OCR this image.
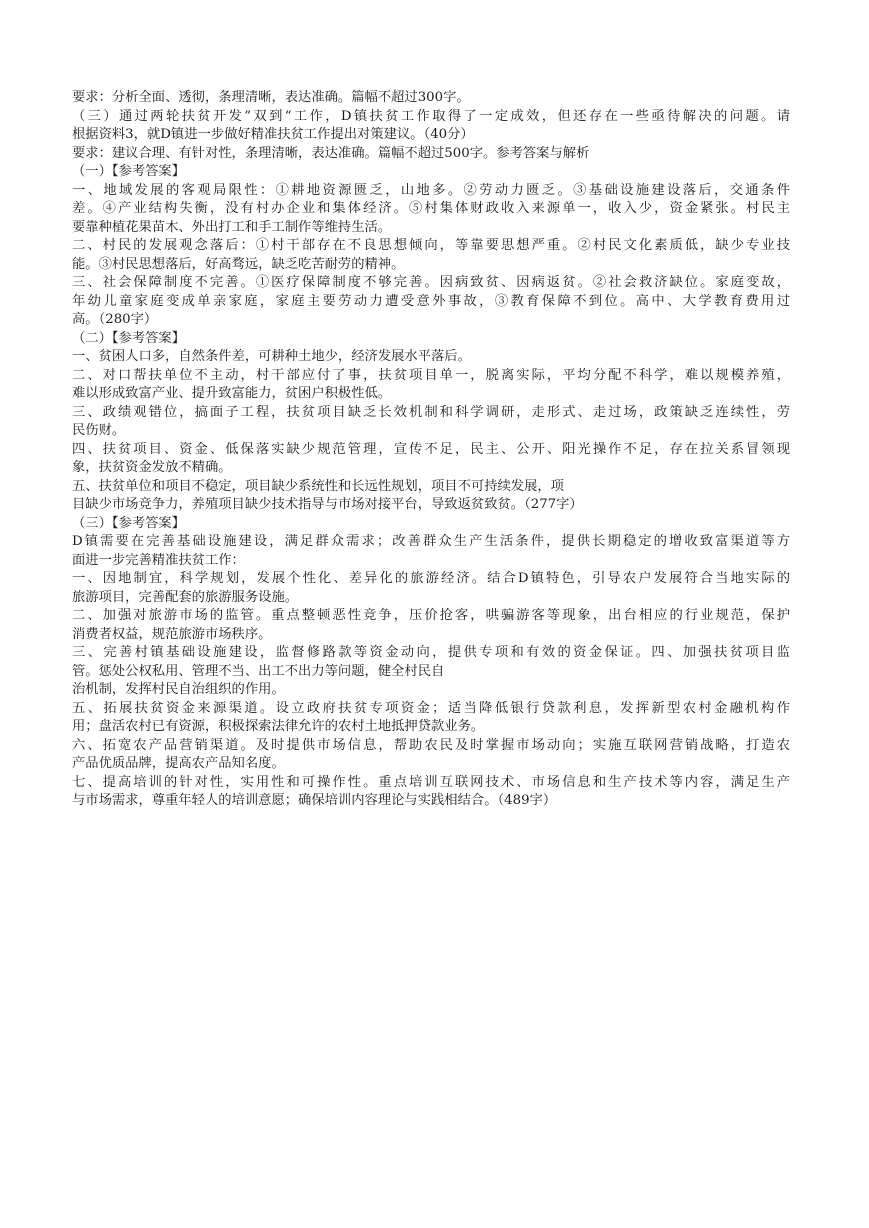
要求：分析全面、透彻，条理清晰，表达准确。篇幅不超过300字。
（三）通过两轮扶贫开发”双到“工作，D镇扶贫工作取得了一定成效，但还存在一些亟待解决的问题。请
根据资料3，就D镇进一步做好精准扶贫工作提出对策建议。（40分）
要求：建议合理、有针对性，条理清晰，表达准确。篇幅不超过500字。参考答案与解析
（一）【参考答案】
一、地域发展的客观局限性：①耕地资源匮乏，山地多。②劳动力匮乏。③基础设施建设落后，交通条件
差。④产业结构失衡，没有村办企业和集体经济。⑤村集体财政收入来源单一，收入少，资金紧张。村民主
要靠种植花果苗木、外出打工和手工制作等维持生活。
二、村民的发展观念落后：①村干部存在不良思想倾向，等靠要思想严重。②村民文化素质低，缺少专业技
能。③村民思想落后，好高骛远，缺乏吃苦耐劳的精神。
三、社会保障制度不完善。①医疗保障制度不够完善。因病致贫、因病返贫。②社会救济缺位。家庭变故，
年幼儿童家庭变成单亲家庭，家庭主要劳动力遭受意外事故，③教育保障不到位。高中、大学教育费用过
高。（280字）
（二）【参考答案】
一、贫困人口多，自然条件差，可耕种土地少，经济发展水平落后。
二、对口帮扶单位不主动，村干部应付了事，扶贫项目单一，脱离实际，平均分配不科学，难以规模养殖，
难以形成致富产业、提升致富能力，贫困户积极性低。
三、政绩观错位，搞面子工程，扶贫项目缺乏长效机制和科学调研，走形式、走过场，政策缺乏连续性，劳
民伤财。
四、扶贫项目、资金、低保落实缺少规范管理，宣传不足，民主、公开、阳光操作不足，存在拉关系冒领现
象，扶贫资金发放不精确。
五、扶贫单位和项目不稳定，项目缺少系统性和长远性规划，项目不可持续发展，项
目缺少市场竞争力，养殖项目缺少技术指导与市场对接平台，导致返贫致贫。（277字）
（三）【参考答案】
D镇需要在完善基础设施建设，满足群众需求；改善群众生产生活条件，提供长期稳定的增收致富渠道等方
面进一步完善精准扶贫工作：
一、因地制宜，科学规划，发展个性化、差异化的旅游经济。结合D镇特色，引导农户发展符合当地实际的
旅游项目，完善配套的旅游服务设施。
二、加强对旅游市场的监管。重点整顿恶性竞争，压价抢客，哄骗游客等现象，出台相应的行业规范，保护
消费者权益，规范旅游市场秩序。
三、完善村镇基础设施建设，监督修路款等资金动向，提供专项和有效的资金保证。四、加强扶贫项目监
管。惩处公权私用、管理不当、出工不出力等问题，健全村民自
治机制，发挥村民自治组织的作用。
五、拓展扶贫资金来源渠道。设立政府扶贫专项资金；适当降低银行贷款利息，发挥新型农村金融机构作
用；盘活农村已有资源，积极探索法律允许的农村土地抵押贷款业务。
六、拓宽农产品营销渠道。及时提供市场信息，帮助农民及时掌握市场动向；实施互联网营销战略，打造农
产品优质品牌，提高农产品知名度。
七、提高培训的针对性，实用性和可操作性。重点培训互联网技术、市场信息和生产技术等内容，满足生产
与市场需求，尊重年轻人的培训意愿；确保培训内容理论与实践相结合。（489字）
